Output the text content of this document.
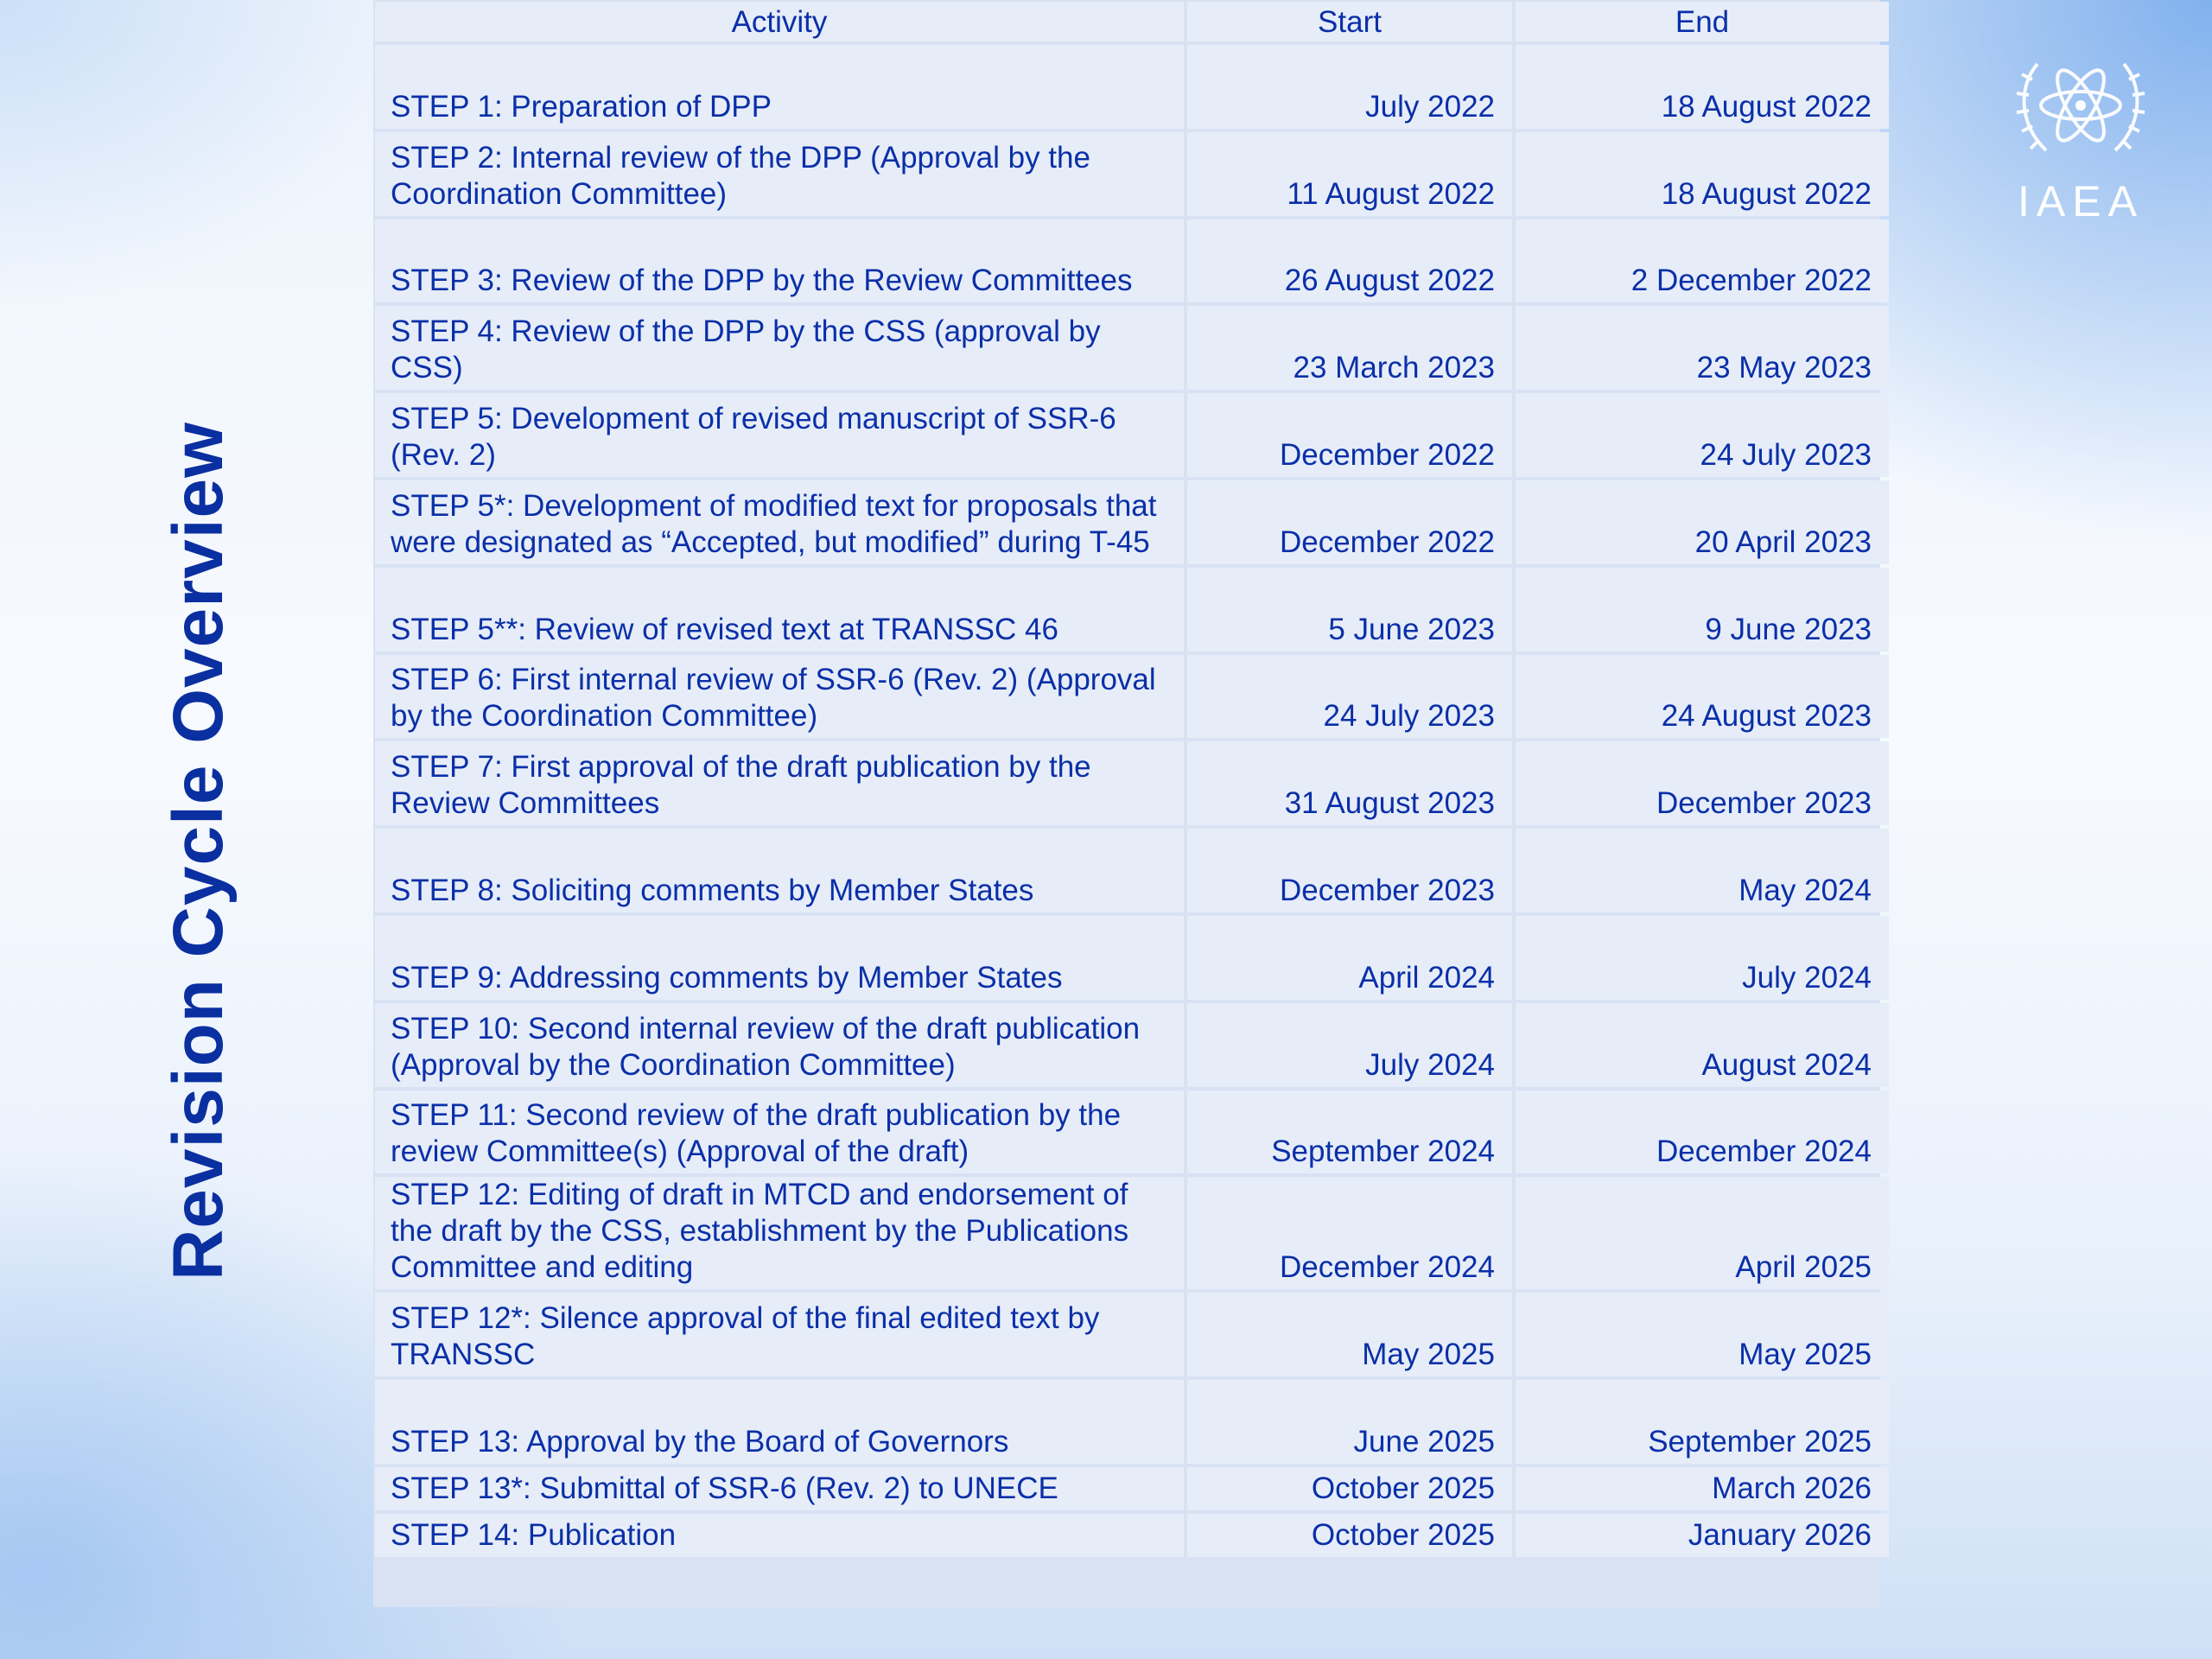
Revision Cycle Overview
IAEA
Activity	Start	End
STEP 1: Preparation of DPP	July 2022	18 August 2022
STEP 2: Internal review of the DPP (Approval by the Coordination Committee)	11 August 2022	18 August 2022
STEP 3: Review of the DPP by the Review Committees	26 August 2022	2 December 2022
STEP 4: Review of the DPP by the CSS (approval by CSS)	23 March 2023	23 May 2023
STEP 5: Development of revised manuscript of SSR-6 (Rev. 2)	December 2022	24 July 2023
STEP 5*: Development of modified text for proposals that were designated as “Accepted, but modified” during T-45	December 2022	20 April 2023
STEP 5**: Review of revised text at TRANSSC 46	5 June 2023	9 June 2023
STEP 6: First internal review of SSR-6 (Rev. 2) (Approval by the Coordination Committee)	24 July 2023	24 August 2023
STEP 7: First approval of the draft publication by the Review Committees	31 August 2023	December 2023
STEP 8: Soliciting comments by Member States	December 2023	May 2024
STEP 9: Addressing comments by Member States	April 2024	July 2024
STEP 10: Second internal review of the draft publication (Approval by the Coordination Committee)	July 2024	August 2024
STEP 11: Second review of the draft publication by the review Committee(s) (Approval of the draft)	September 2024	December 2024
STEP 12: Editing of draft in MTCD and endorsement of the draft by the CSS, establishment by the Publications Committee and editing	December 2024	April 2025
STEP 12*: Silence approval of the final edited text by TRANSSC	May 2025	May 2025
STEP 13: Approval by the Board of Governors	June 2025	September 2025
STEP 13*: Submittal of SSR-6 (Rev. 2) to UNECE	October 2025	March 2026
STEP 14: Publication	October 2025	January 2026
